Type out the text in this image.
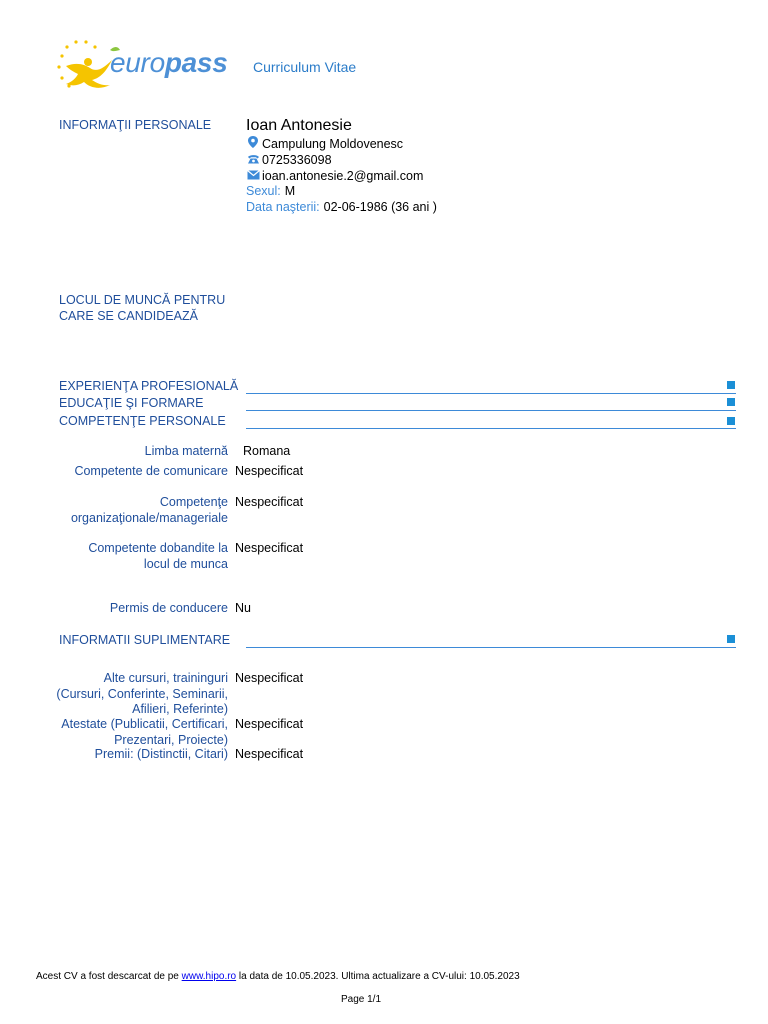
europass Curriculum Vitae
INFORMAŢII PERSONALE Ioan Antonesie
Campulung Moldovenesc
0725336098
ioan.antonesie.2@gmail.com
Sexul: M
Data naşterii: 02-06-1986 (36 ani )
LOCUL DE MUNCĂ PENTRU
CARE SE CANDIDEAZĂ
EXPERIENŢA PROFESIONALĂ
EDUCAŢIE ŞI FORMARE
COMPETENŢE PERSONALE
Limba maternă Romana
Competente de comunicare Nespecificat
Competenţe
organizaţionale/manageriale
Nespecificat
Competente dobandite la
locul de munca
Nespecificat
Permis de conducere Nu
INFORMATII SUPLIMENTARE
Alte cursuri, traininguri
(Cursuri, Conferinte, Seminarii,
Afilieri, Referinte)
Nespecificat
Atestate (Publicatii, Certificari,
Prezentari, Proiecte)
Nespecificat
Premii: (Distinctii, Citari) Nespecificat
Acest CV a fost descarcat de pe www.hipo.ro la data de 10.05.2023. Ultima actualizare a CV-ului: 10.05.2023
Page 1/1
